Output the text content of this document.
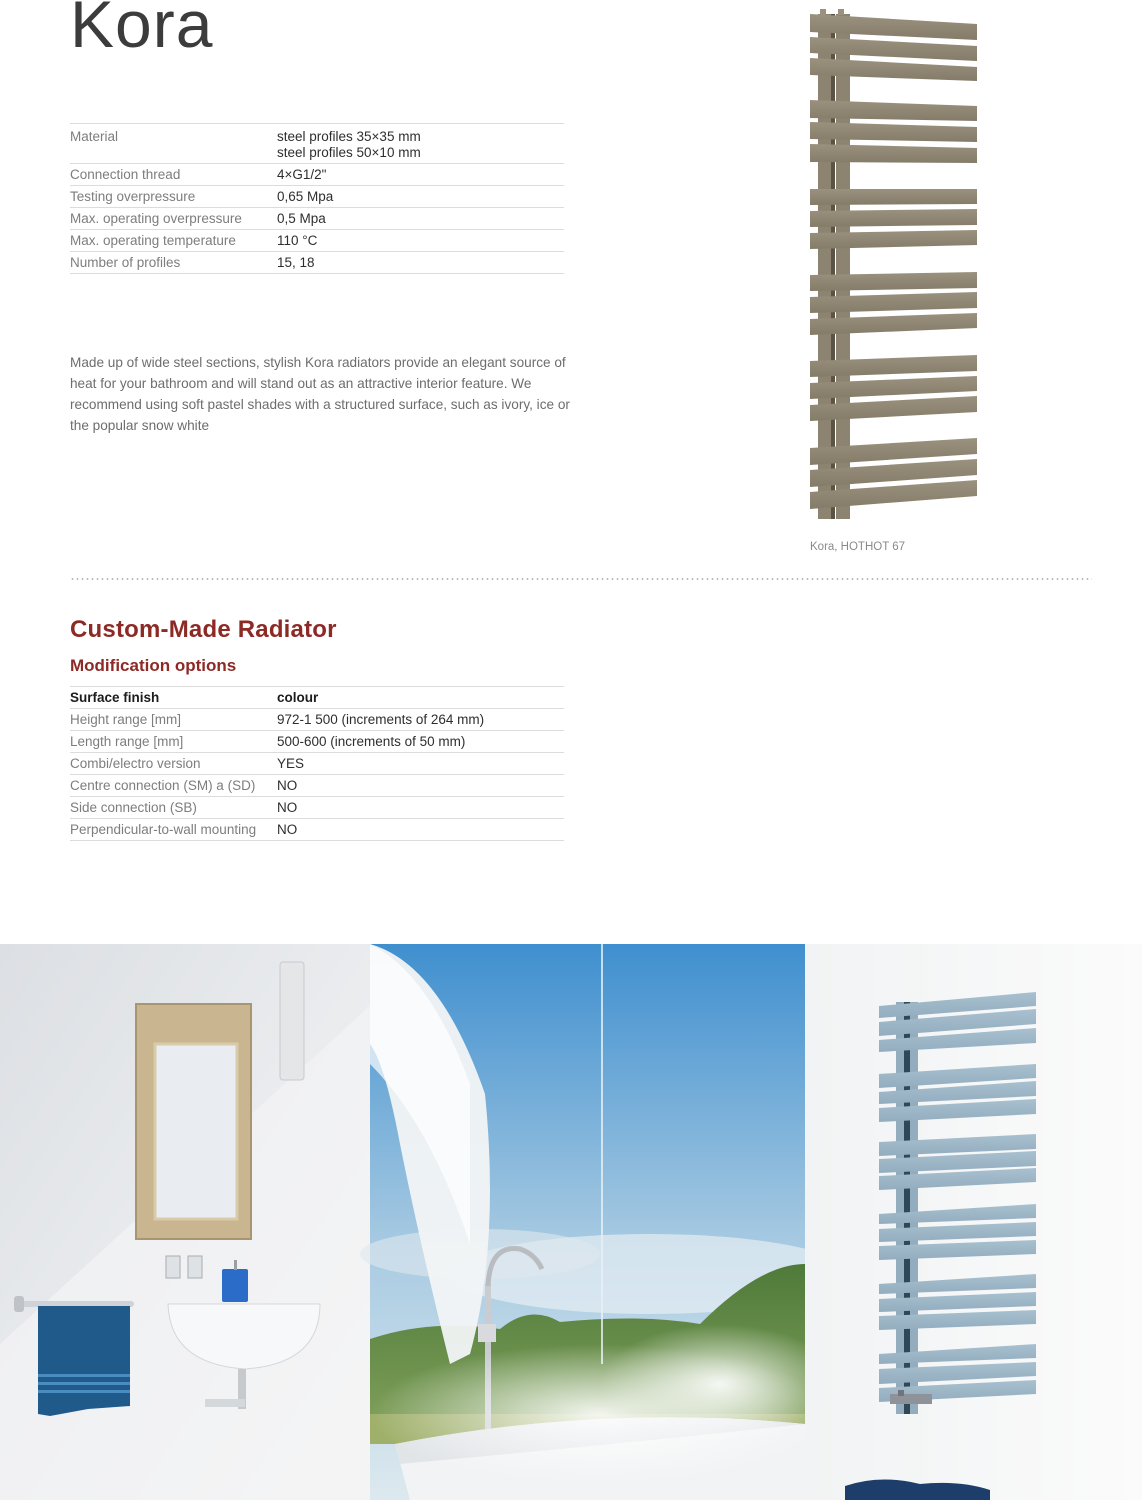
Kora
Material	steel profiles 35×35 mm
steel profiles 50×10 mm

Connection thread	4×G1/2"
Testing overpressure	0,65 Mpa
Max. operating overpressure	0,5 Mpa
Max. operating temperature	110 °C
Number of profiles	15, 18

Made up of wide steel sections, stylish Kora radiators provide an elegant source of heat for your bathroom and will stand out as an attractive interior feature. We recommend using soft pastel shades with a structured surface, such as ivory, ice or the popular snow white

Kora, HOTHOT 67
Custom-Made Radiator
Modification options
Surface finish	colour
Height range [mm]	972-1 500 (increments of 264 mm)
Length range [mm]	500-600 (increments of 50 mm)
Combi/electro version	YES
Centre connection (SM) a (SD)	NO
Side connection (SB)	NO
Perpendicular-to-wall mounting	NO
